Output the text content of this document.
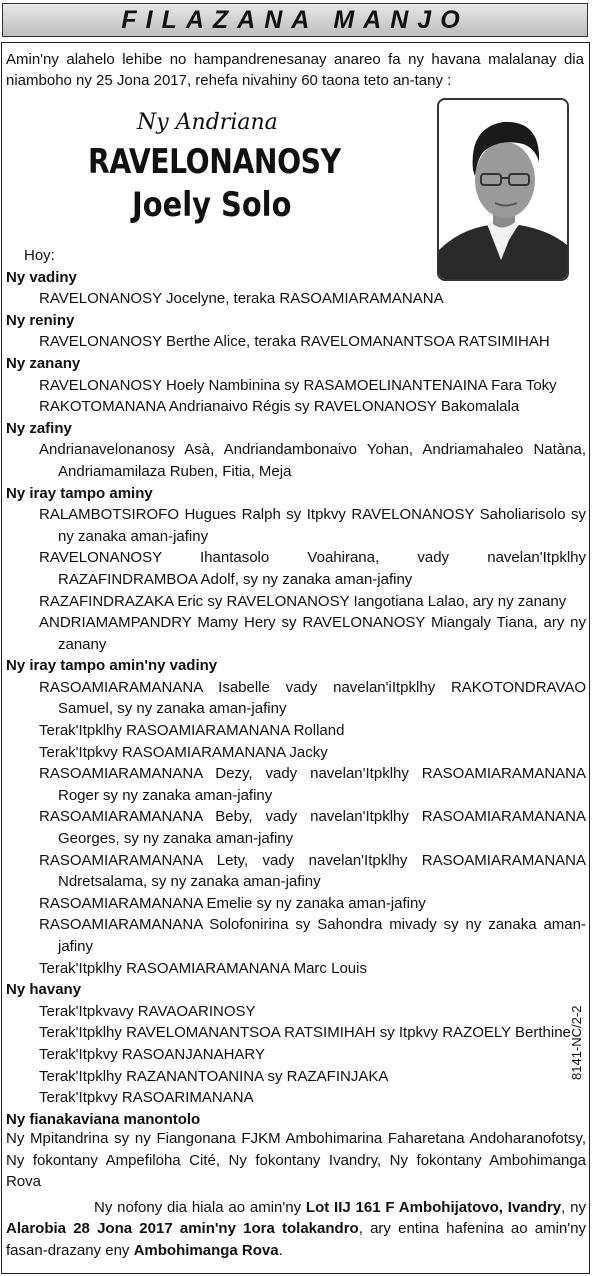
FILAZANA MANJO
Amin'ny alahelo lehibe no hampandrenesanay anareo fa ny havana malalanay dia niamboho ny 25 Jona 2017, rehefa nivahiny 60 taona teto an-tany :
Ny Andriana
RAVELONANOSY
Joely Solo
Hoy:
Ny vadiny
RAVELONANOSY Jocelyne, teraka RASOAMIARAMANANA
Ny reniny
RAVELONANOSY Berthe Alice, teraka RAVELOMANANTSOA RATSIMIHAH
Ny zanany
RAVELONANOSY Hoely Nambinina sy RASAMOELINANTENAINA Fara Toky
RAKOTOMANANA Andrianaivo Régis sy RAVELONANOSY Bakomalala
Ny zafiny
Andrianavelonanosy Asà, Andriandambonaivo Yohan, Andriamahaleo Natàna, Andriamamilaza Ruben, Fitia, Meja
Ny iray tampo aminy
RALAMBOTSIROFO Hugues Ralph sy Itpkvy RAVELONANOSY Saholiarisolo sy ny zanaka aman-jafiny
RAVELONANOSY Ihantasolo Voahirana, vady navelan'Itpklhy RAZAFINDRAMBOA Adolf, sy ny zanaka aman-jafiny
RAZAFINDRAZAKA Eric sy RAVELONANOSY Iangotiana Lalao, ary ny zanany
ANDRIAMAMPANDRY Mamy Hery sy RAVELONANOSY Miangaly Tiana, ary ny zanany
Ny iray tampo amin'ny vadiny
RASOAMIARAMANANA Isabelle vady navelan'iItpklhy RAKOTONDRAVAO Samuel, sy ny zanaka aman-jafiny
Terak'Itpklhy RASOAMIARAMANANA Rolland
Terak'Itpkvy RASOAMIARAMANANA Jacky
RASOAMIARAMANANA Dezy, vady navelan'Itpklhy RASOAMIARAMANANA Roger sy ny zanaka aman-jafiny
RASOAMIARAMANANA Beby, vady navelan'Itpklhy RASOAMIARAMANANA Georges, sy ny zanaka aman-jafiny
RASOAMIARAMANANA Lety, vady navelan'Itpklhy RASOAMIARAMANANA Ndretsalama, sy ny zanaka aman-jafiny
RASOAMIARAMANANA Emelie sy ny zanaka aman-jafiny
RASOAMIARAMANANA Solofonirina sy Sahondra mivady sy ny zanaka aman-jafiny
Terak'Itpklhy RASOAMIARAMANANA Marc Louis
Ny havany
Terak'Itpkvavy RAVAOARINOSY
Terak'Itpklhy RAVELOMANANTSOA RATSIMIHAH sy Itpkvy RAZOELY Berthine
Terak'Itpkvy RASOANJANAHARY
Terak'Itpklhy RAZANANTOANINA sy RAZAFINJAKA
Terak'Itpkvy RASOARIMANANA
Ny fianakaviana manontolo

Ny Mpitandrina sy ny Fiangonana FJKM Ambohimarina Faharetana Andoharanofotsy, Ny fokontany Ampefiloha Cité, Ny fokontany Ivandry, Ny fokontany Ambohimanga Rova

Ny nofony dia hiala ao amin'ny Lot IIJ 161 F Ambohijatovo, Ivandry, ny Alarobia 28 Jona 2017 amin'ny 1ora tolakandro, ary entina hafenina ao amin'ny fasan-drazany eny Ambohimanga Rova.

8141-NC/2-2
